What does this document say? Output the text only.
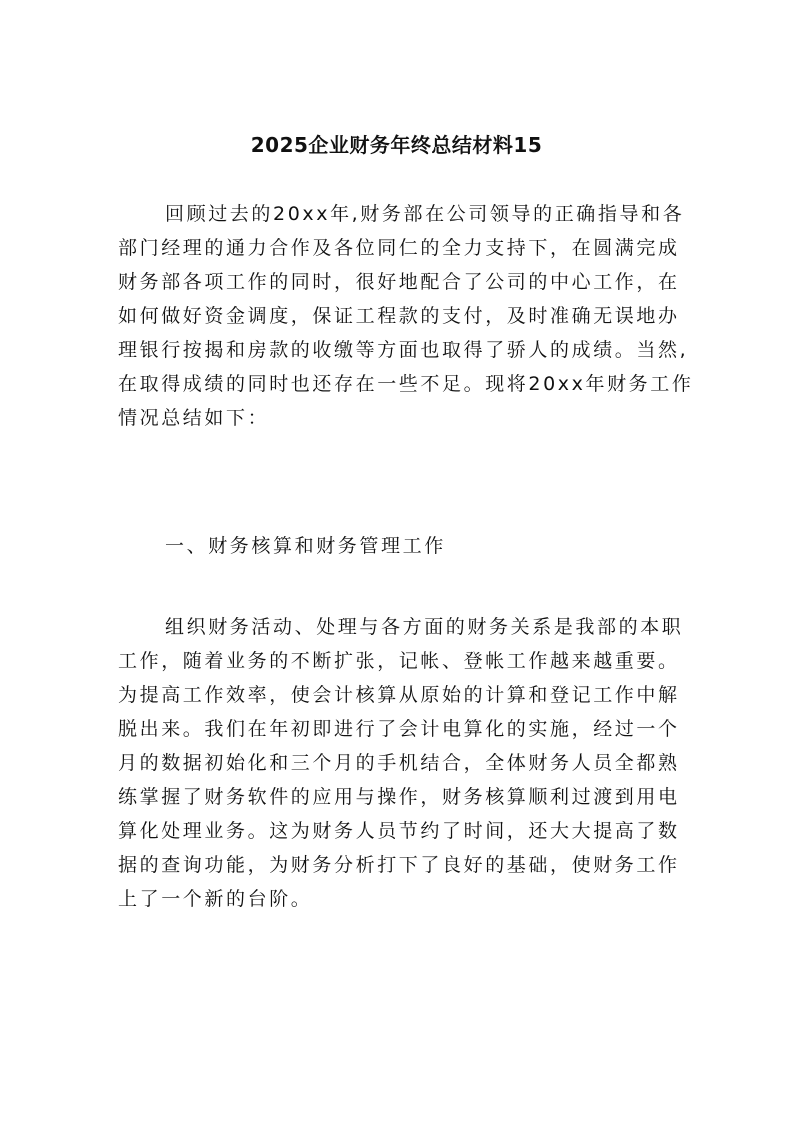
2025企业财务年终总结材料15
回顾过去的20xx年,财务部在公司领导的正确指导和各
部门经理的通力合作及各位同仁的全力支持下，在圆满完成
财务部各项工作的同时，很好地配合了公司的中心工作，在
如何做好资金调度，保证工程款的支付，及时准确无误地办
理银行按揭和房款的收缴等方面也取得了骄人的成绩。当然,
在取得成绩的同时也还存在一些不足。现将20xx年财务工作
情况总结如下：
一、财务核算和财务管理工作
组织财务活动、处理与各方面的财务关系是我部的本职
工作，随着业务的不断扩张，记帐、登帐工作越来越重要。
为提高工作效率，使会计核算从原始的计算和登记工作中解
脱出来。我们在年初即进行了会计电算化的实施，经过一个
月的数据初始化和三个月的手机结合，全体财务人员全都熟
练掌握了财务软件的应用与操作，财务核算顺利过渡到用电
算化处理业务。这为财务人员节约了时间，还大大提高了数
据的查询功能，为财务分析打下了良好的基础，使财务工作
上了一个新的台阶。
